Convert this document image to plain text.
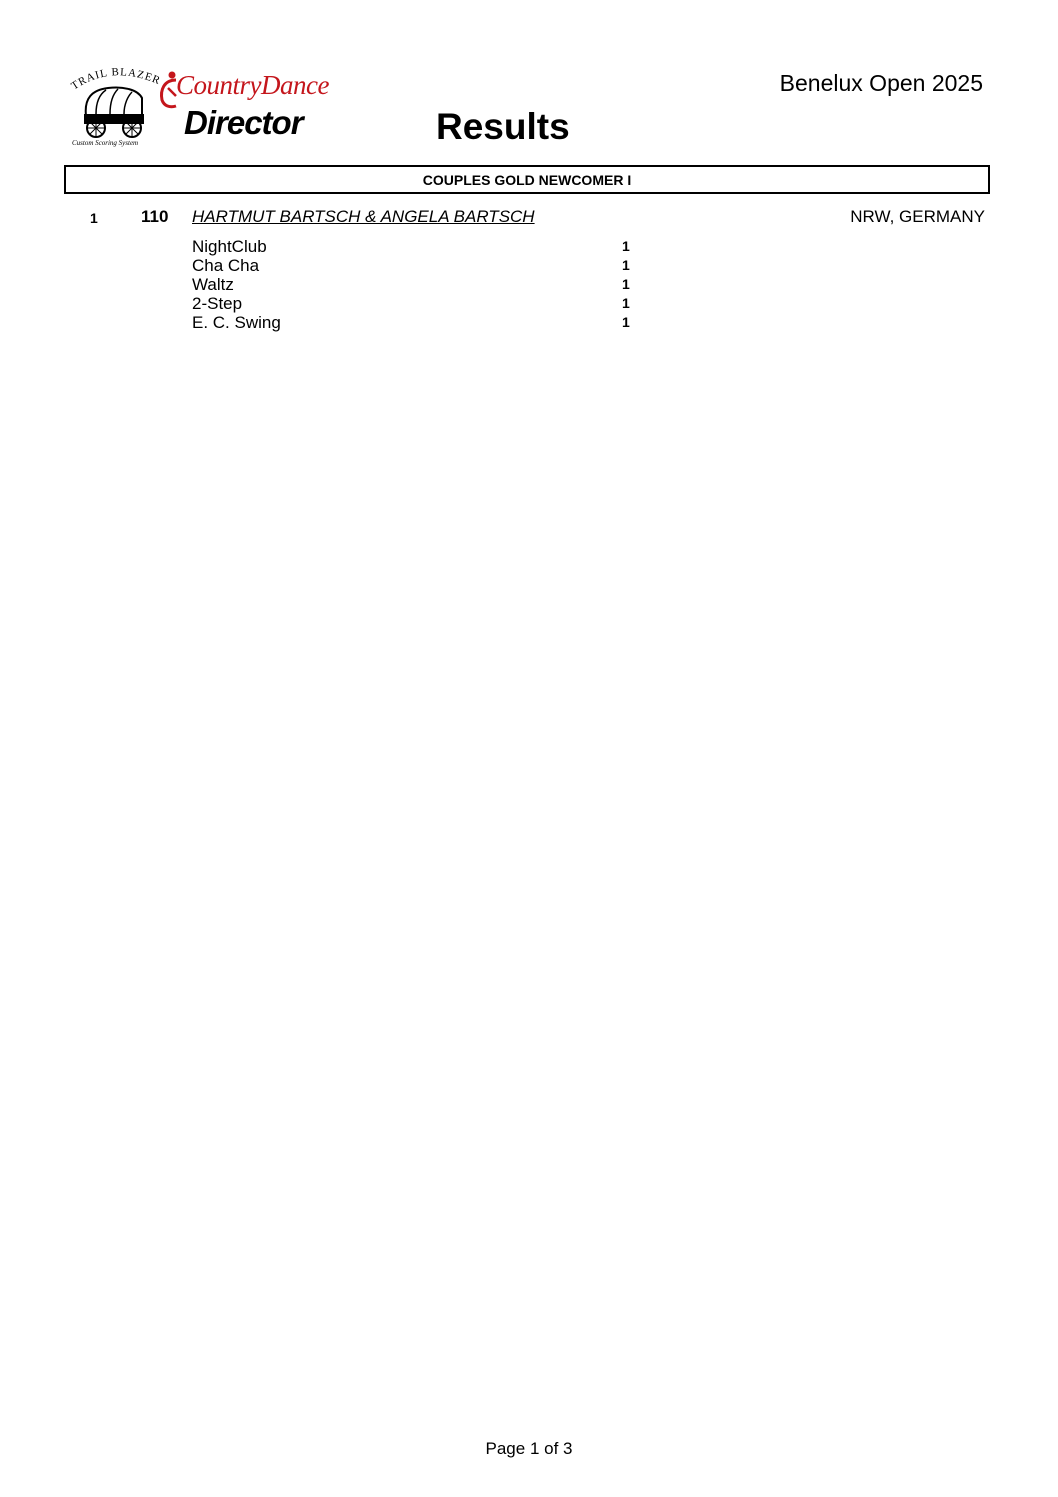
TRAIL BLAZER
Custom Scoring System
CountryDance
Director
Benelux Open 2025
Results
COUPLES GOLD NEWCOMER I
1	110 HARTMUT BARTSCH & ANGELA BARTSCH	NRW, GERMANY
NightClub	1
Cha Cha	1
Waltz	1
2-Step	1
E. C. Swing	1
Page 1 of 3
